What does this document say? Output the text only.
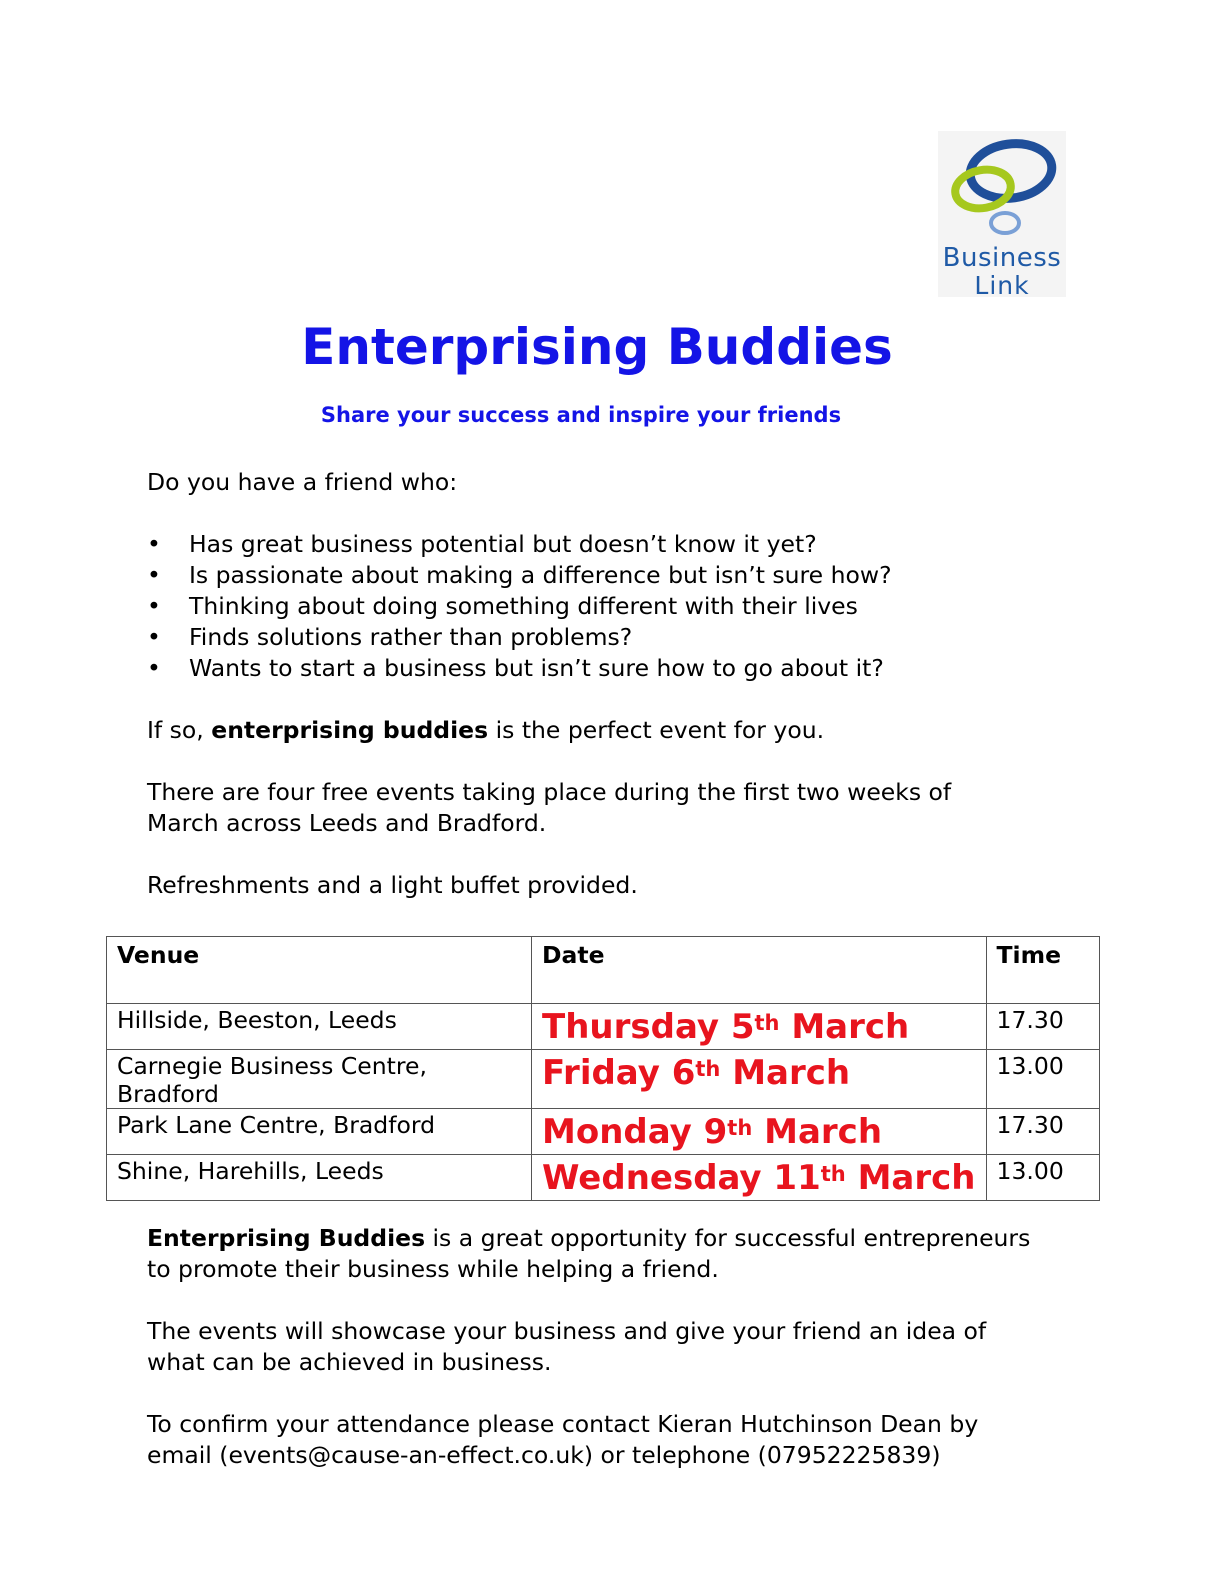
Business
Link
Enterprising Buddies

Share your success and inspire your friends

Do you have a friend who:

• Has great business potential but doesn’t know it yet?
• Is passionate about making a difference but isn’t sure how?
• Thinking about doing something different with their lives
• Finds solutions rather than problems?
• Wants to start a business but isn’t sure how to go about it?

If so, enterprising buddies is the perfect event for you.

There are four free events taking place during the first two weeks of March across Leeds and Bradford.

Refreshments and a light buffet provided.

Venue	Date	Time
Hillside, Beeston, Leeds	Thursday 5th March	17.30
Carnegie Business Centre, Bradford	Friday 6th March	13.00
Park Lane Centre, Bradford	Monday 9th March	17.30
Shine, Harehills, Leeds	Wednesday 11th March	13.00

Enterprising Buddies is a great opportunity for successful entrepreneurs to promote their business while helping a friend.

The events will showcase your business and give your friend an idea of what can be achieved in business.

To confirm your attendance please contact Kieran Hutchinson Dean by email (events@cause-an-effect.co.uk) or telephone (07952225839)
